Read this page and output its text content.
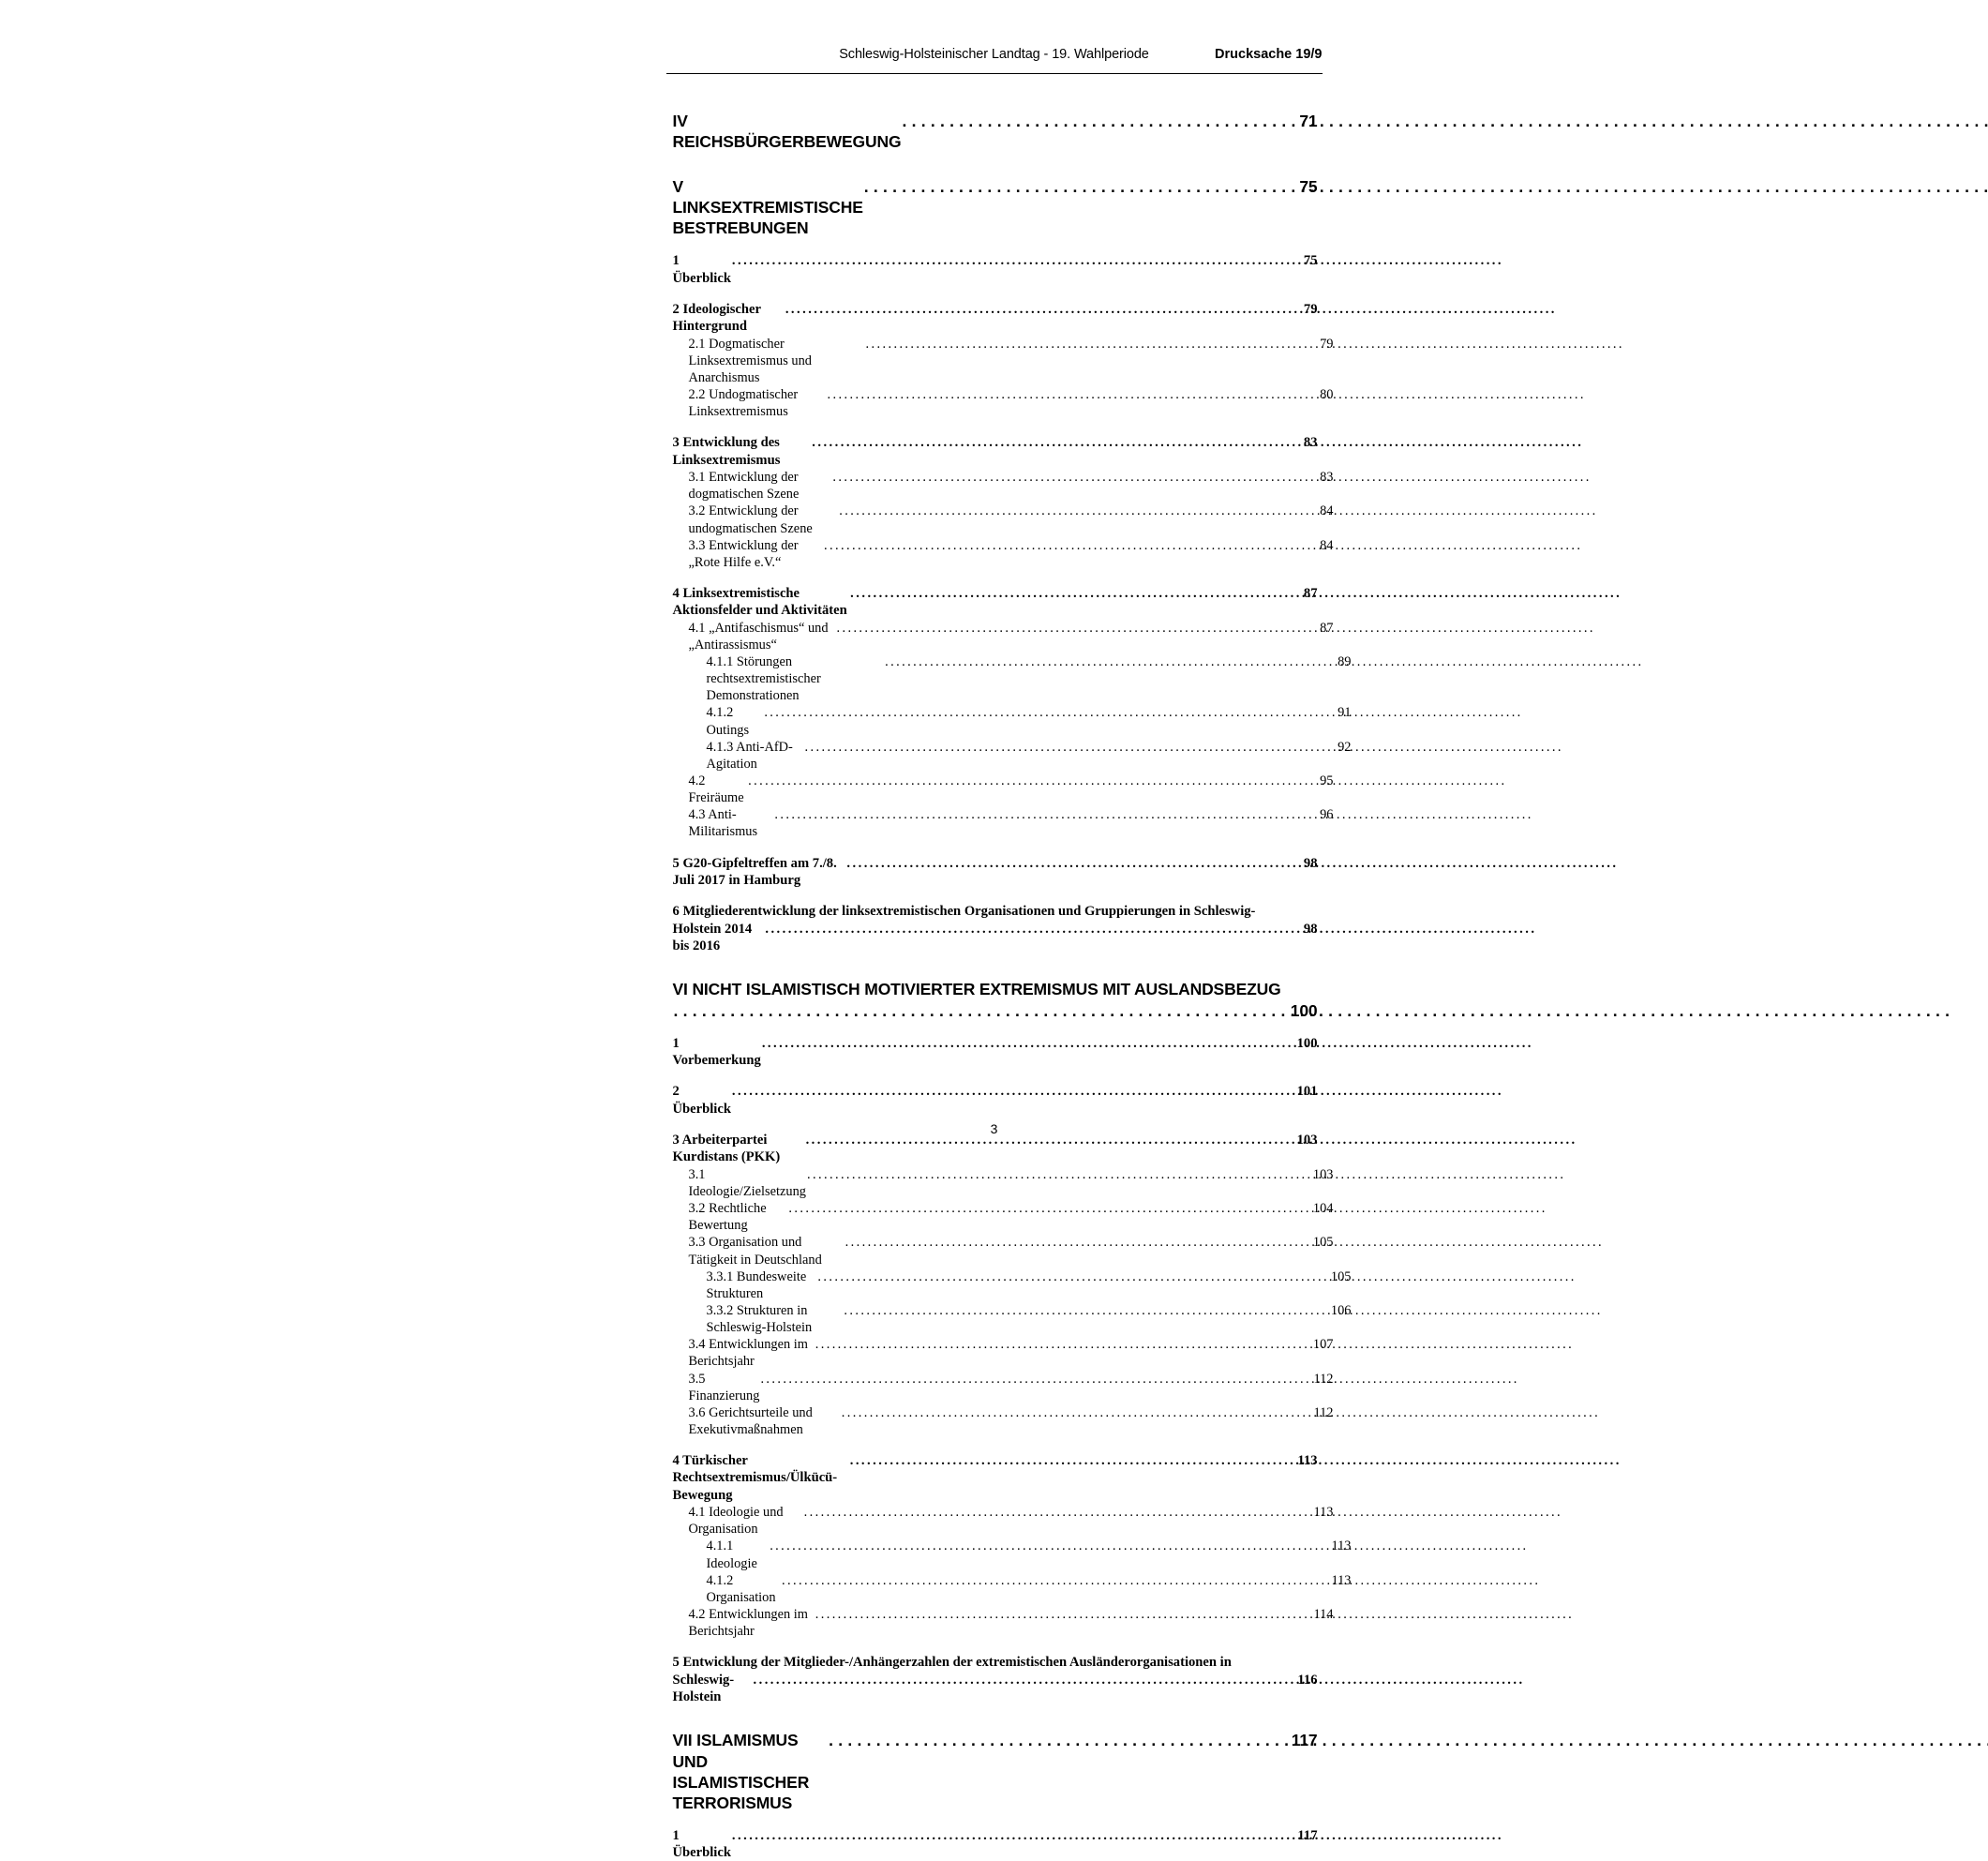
Schleswig-Holsteinischer Landtag - 19. Wahlperiode	Drucksache 19/9
IV REICHSBÜRGERBEWEGUNG
. . .
71
V LINKSEXTREMISTISCHE BESTREBUNGEN
. . .
75
1 Überblick
. . .
75
2 Ideologischer Hintergrund
. . .
79
2.1 Dogmatischer Linksextremismus und Anarchismus
. . .
79
2.2 Undogmatischer Linksextremismus
. . .
80
3 Entwicklung des Linksextremismus
. . .
83
3.1 Entwicklung der dogmatischen Szene
. . .
83
3.2 Entwicklung der undogmatischen Szene
. . .
84
3.3 Entwicklung der „Rote Hilfe e.V.“
. . .
84
4 Linksextremistische Aktionsfelder und Aktivitäten
. . .
87
4.1 „Antifaschismus“ und „Antirassismus“
. . .
87
4.1.1 Störungen rechtsextremistischer Demonstrationen
. . .
89
4.1.2 Outings
. . .
91
4.1.3 Anti-AfD-Agitation
. . .
92
4.2 Freiräume
. . .
95
4.3 Anti-Militarismus
. . .
96
5 G20-Gipfeltreffen am 7./8. Juli 2017 in Hamburg
. . .
98
6 Mitgliederentwicklung der linksextremistischen Organisationen und Gruppierungen in Schleswig-
Holstein 2014 bis 2016
. . .
98
VI NICHT ISLAMISTISCH MOTIVIERTER EXTREMISMUS MIT AUSLANDSBEZUG
. . .
100
1 Vorbemerkung
. . .
100
2 Überblick
. . .
101
3 Arbeiterpartei Kurdistans (PKK)
. . .
103
3.1 Ideologie/Zielsetzung
. . .
103
3.2 Rechtliche Bewertung
. . .
104
3.3 Organisation und Tätigkeit in Deutschland
. . .
105
3.3.1 Bundesweite Strukturen
. . .
105
3.3.2 Strukturen in Schleswig-Holstein
. . .
106
3.4 Entwicklungen im Berichtsjahr
. . .
107
3.5 Finanzierung
. . .
112
3.6 Gerichtsurteile und Exekutivmaßnahmen
. . .
112
4 Türkischer Rechtsextremismus/Ülkücü-Bewegung
. . .
113
4.1 Ideologie und Organisation
. . .
113
4.1.1 Ideologie
. . .
113
4.1.2 Organisation
. . .
113
4.2 Entwicklungen im Berichtsjahr
. . .
114
5 Entwicklung der Mitglieder-/Anhängerzahlen der extremistischen Ausländerorganisationen in
Schleswig-Holstein
. . .
116
VII ISLAMISMUS UND ISLAMISTISCHER TERRORISMUS
. . .
117
1 Überblick
. . .
117
3
